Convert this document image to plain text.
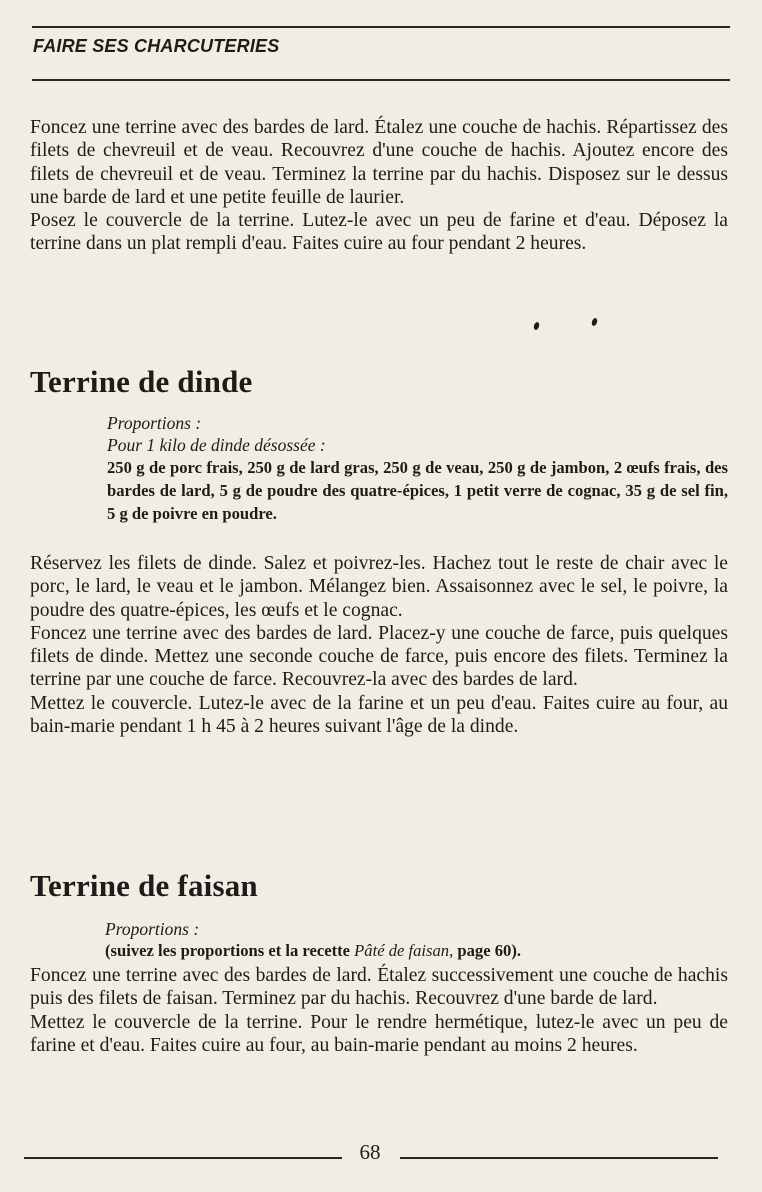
FAIRE SES CHARCUTERIES

Foncez une terrine avec des bardes de lard. Étalez une couche de hachis. Répartissez des filets de chevreuil et de veau. Recouvrez d'une couche de hachis. Ajoutez encore des filets de chevreuil et de veau. Terminez la terrine par du hachis. Disposez sur le dessus une barde de lard et une petite feuille de laurier.

Posez le couvercle de la terrine. Lutez-le avec un peu de farine et d'eau. Déposez la terrine dans un plat rempli d'eau. Faites cuire au four pendant 2 heures.

Terrine de dinde

Proportions :

Pour 1 kilo de dinde désossée :

250 g de porc frais, 250 g de lard gras, 250 g de veau, 250 g de jambon, 2 œufs frais, des bardes de lard, 5 g de poudre des quatre-épices, 1 petit verre de cognac, 35 g de sel fin, 5 g de poivre en poudre.

Réservez les filets de dinde. Salez et poivrez-les. Hachez tout le reste de chair avec le porc, le lard, le veau et le jambon. Mélangez bien. Assaisonnez avec le sel, le poivre, la poudre des quatre-épices, les œufs et le cognac.

Foncez une terrine avec des bardes de lard. Placez-y une couche de farce, puis quelques filets de dinde. Mettez une seconde couche de farce, puis encore des filets. Terminez la terrine par une couche de farce. Recouvrez-la avec des bardes de lard.

Mettez le couvercle. Lutez-le avec de la farine et un peu d'eau. Faites cuire au four, au bain-marie pendant 1 h 45 à 2 heures suivant l'âge de la dinde.

Terrine de faisan

Proportions :

(suivez les proportions et la recette Pâté de faisan, page 60).

Foncez une terrine avec des bardes de lard. Étalez successivement une couche de hachis puis des filets de faisan. Terminez par du hachis. Recouvrez d'une barde de lard.

Mettez le couvercle de la terrine. Pour le rendre hermétique, lutez-le avec un peu de farine et d'eau. Faites cuire au four, au bain-marie pendant au moins 2 heures.

68
